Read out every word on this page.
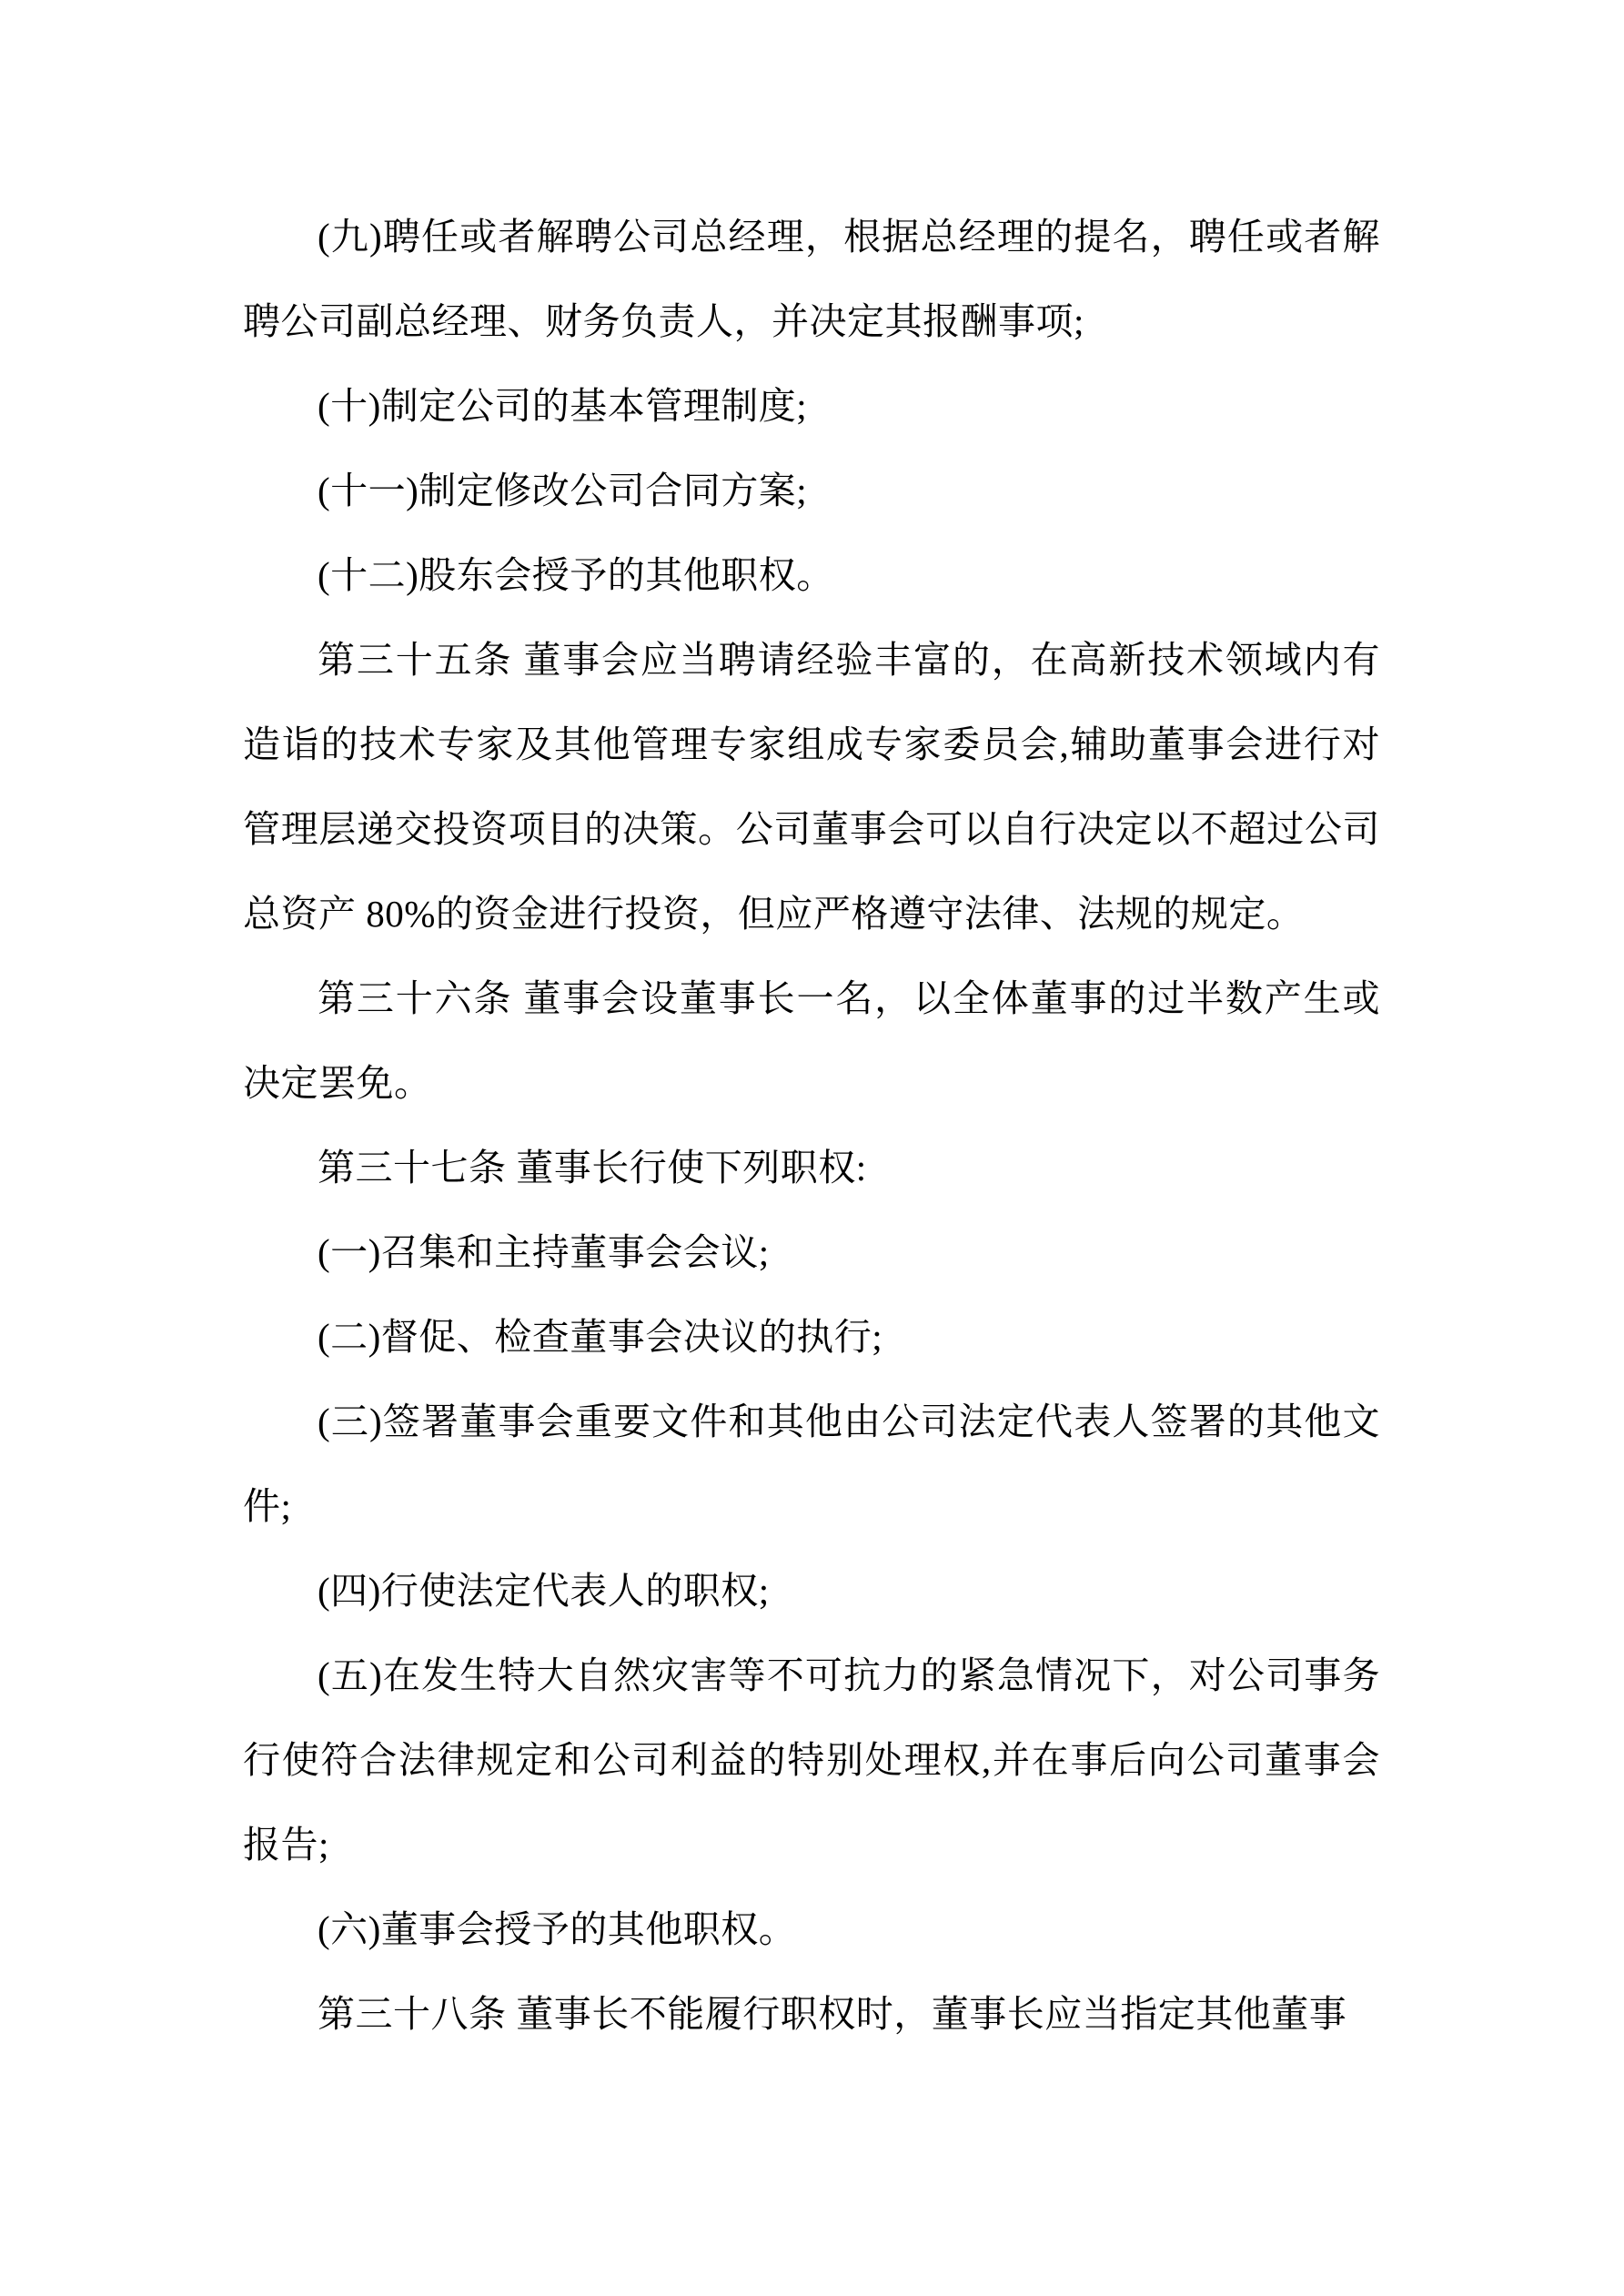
(九)聘任或者解聘公司总经理，根据总经理的提名，聘任或者解聘公司副总经理、财务负责人，并决定其报酬事项;

(十)制定公司的基本管理制度;

(十一)制定修改公司合同方案;

(十二)股东会授予的其他职权。

第三十五条 董事会应当聘请经验丰富的，在高新技术领域内有造诣的技术专家及其他管理专家组成专家委员会,辅助董事会进行对管理层递交投资项目的决策。公司董事会可以自行决定以不超过公司总资产 80%的资金进行投资，但应严格遵守法律、法规的规定。

第三十六条 董事会设董事长一名，以全体董事的过半数产生或决定罢免。

第三十七条 董事长行使下列职权:

(一)召集和主持董事会会议;

(二)督促、检查董事会决议的执行;

(三)签署董事会重要文件和其他由公司法定代表人签署的其他文件;

(四)行使法定代表人的职权;

(五)在发生特大自然灾害等不可抗力的紧急情况下，对公司事务行使符合法律规定和公司利益的特别处理权,并在事后向公司董事会报告;

(六)董事会授予的其他职权。

第三十八条 董事长不能履行职权时，董事长应当指定其他董事
